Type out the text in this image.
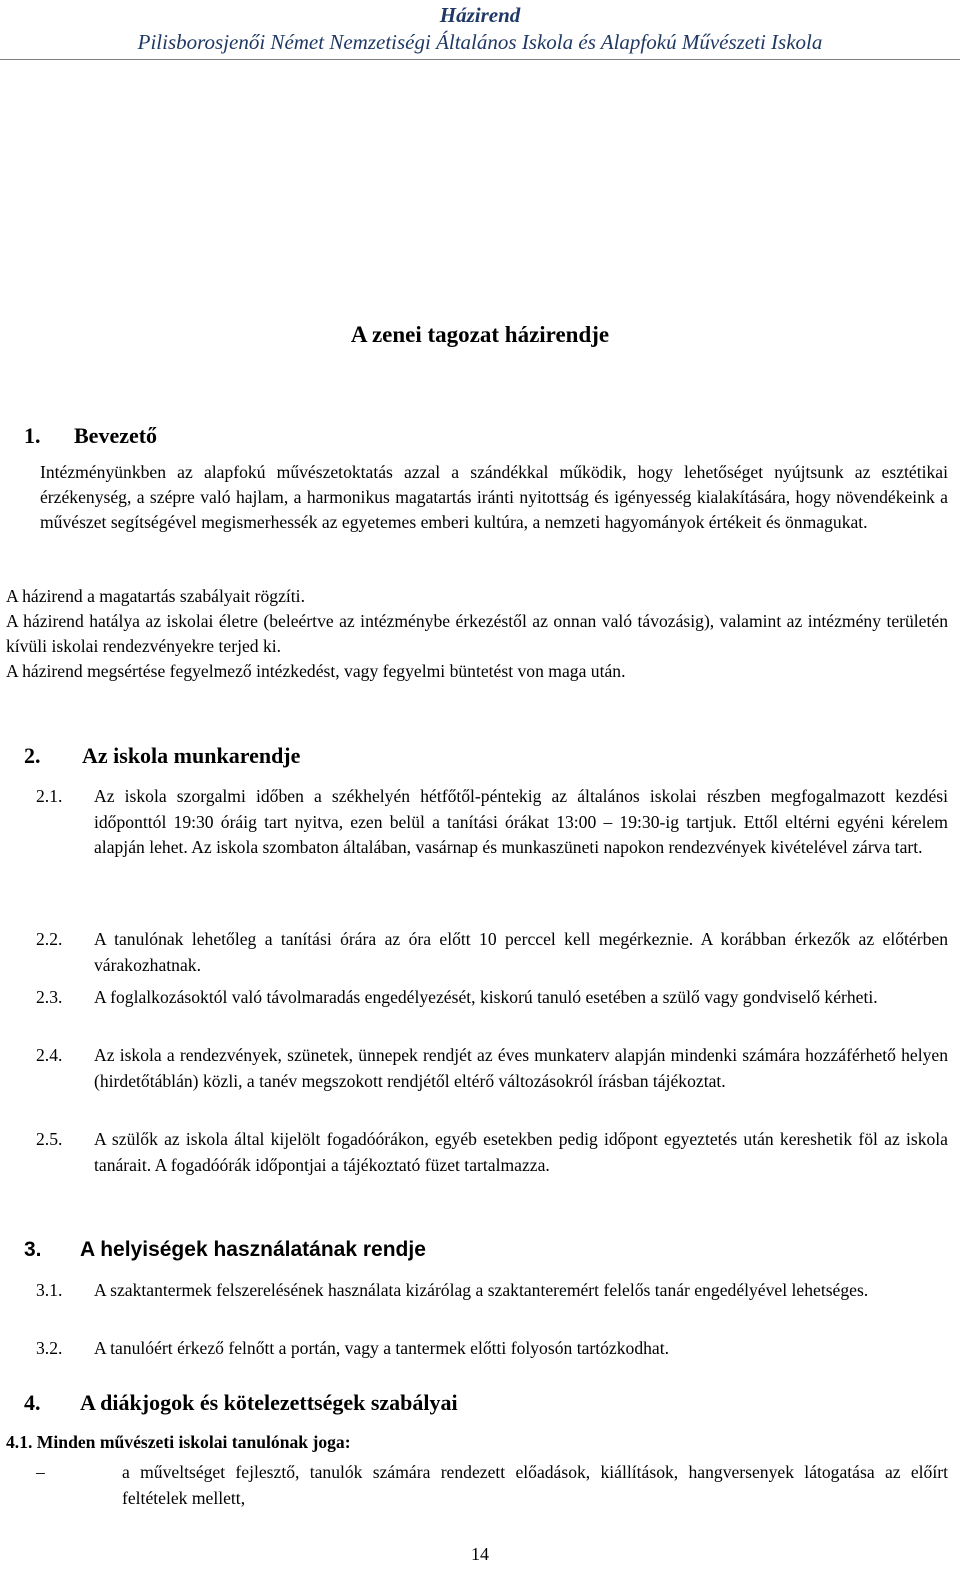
Házirend
Pilisborosjenői Német Nemzetiségi Általános Iskola és Alapfokú Művészeti Iskola
A zenei tagozat házirendje
1. Bevezető
Intézményünkben az alapfokú művészetoktatás azzal a szándékkal működik, hogy lehetőséget nyújtsunk az esztétikai érzékenység, a szépre való hajlam, a harmonikus magatartás iránti nyitottság és igényesség kialakítására, hogy növendékeink a művészet segítségével megismerhessék az egyetemes emberi kultúra, a nemzeti hagyományok értékeit és önmagukat.
A házirend a magatartás szabályait rögzíti.
A házirend hatálya az iskolai életre (beleértve az intézménybe érkezéstől az onnan való távozásig), valamint az intézmény területén kívüli iskolai rendezvényekre terjed ki.
A házirend megsértése fegyelmező intézkedést, vagy fegyelmi büntetést von maga után.
2. Az iskola munkarendje
2.1.	Az iskola szorgalmi időben a székhelyén hétfőtől-péntekig az általános iskolai részben megfogalmazott kezdési időponttól 19:30 óráig tart nyitva, ezen belül a tanítási órákat 13:00 – 19:30-ig tartjuk. Ettől eltérni egyéni kérelem alapján lehet. Az iskola szombaton általában, vasárnap és munkaszüneti napokon rendezvények kivételével zárva tart.
2.2.	A tanulónak lehetőleg a tanítási órára az óra előtt 10 perccel kell megérkeznie. A korábban érkezők az előtérben várakozhatnak.
2.3.	A foglalkozásoktól való távolmaradás engedélyezését, kiskorú tanuló esetében a szülő vagy gondviselő kérheti.
2.4.	Az iskola a rendezvények, szünetek, ünnepek rendjét az éves munkaterv alapján mindenki számára hozzáférhető helyen (hirdetőtáblán) közli, a tanév megszokott rendjétől eltérő változásokról írásban tájékoztat.
2.5.	A szülők az iskola által kijelölt fogadóórákon, egyéb esetekben pedig időpont egyeztetés után kereshetik föl az iskola tanárait. A fogadóórák időpontjai a tájékoztató füzet tartalmazza.
3. A helyiségek használatának rendje
3.1.	A szaktantermek felszerelésének használata kizárólag a szaktanteremért felelős tanár engedélyével lehetséges.
3.2.	A tanulóért érkező felnőtt a portán, vagy a tantermek előtti folyosón tartózkodhat.
4. A diákjogok és kötelezettségek szabályai
4.1. Minden művészeti iskolai tanulónak joga:
–	a műveltséget fejlesztő, tanulók számára rendezett előadások, kiállítások, hangversenyek látogatása az előírt feltételek mellett,
14
